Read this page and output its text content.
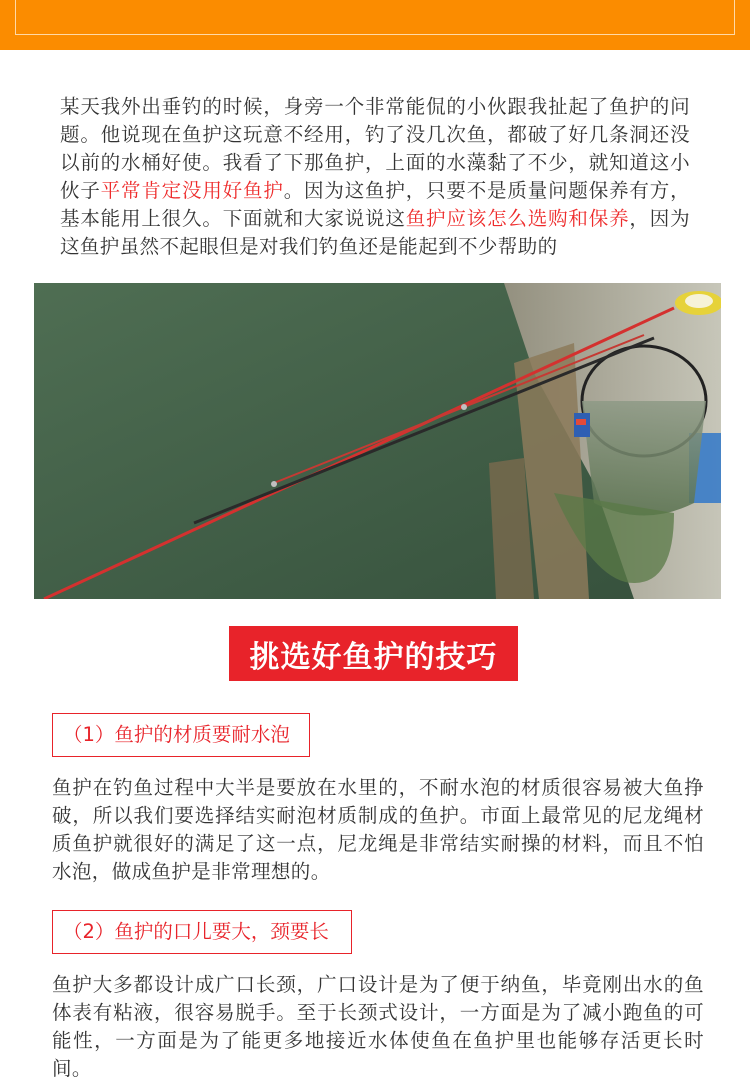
某天我外出垂钓的时候，身旁一个非常能侃的小伙跟我扯起了鱼护的问题。他说现在鱼护这玩意不经用，钓了没几次鱼，都破了好几条洞还没以前的水桶好使。我看了下那鱼护，上面的水藻黏了不少，就知道这小伙子平常肯定没用好鱼护。因为这鱼护，只要不是质量问题保养有方，基本能用上很久。下面就和大家说说这鱼护应该怎么选购和保养，因为这鱼护虽然不起眼但是对我们钓鱼还是能起到不少帮助的

挑选好鱼护的技巧
（1）鱼护的材质要耐水泡

鱼护在钓鱼过程中大半是要放在水里的，不耐水泡的材质很容易被大鱼挣破，所以我们要选择结实耐泡材质制成的鱼护。市面上最常见的尼龙绳材质鱼护就很好的满足了这一点，尼龙绳是非常结实耐操的材料，而且不怕水泡，做成鱼护是非常理想的。

（2）鱼护的口儿要大，颈要长

鱼护大多都设计成广口长颈，广口设计是为了便于纳鱼，毕竟刚出水的鱼体表有粘液，很容易脱手。至于长颈式设计，一方面是为了减小跑鱼的可能性，一方面是为了能更多地接近水体使鱼在鱼护里也能够存活更长时间。
